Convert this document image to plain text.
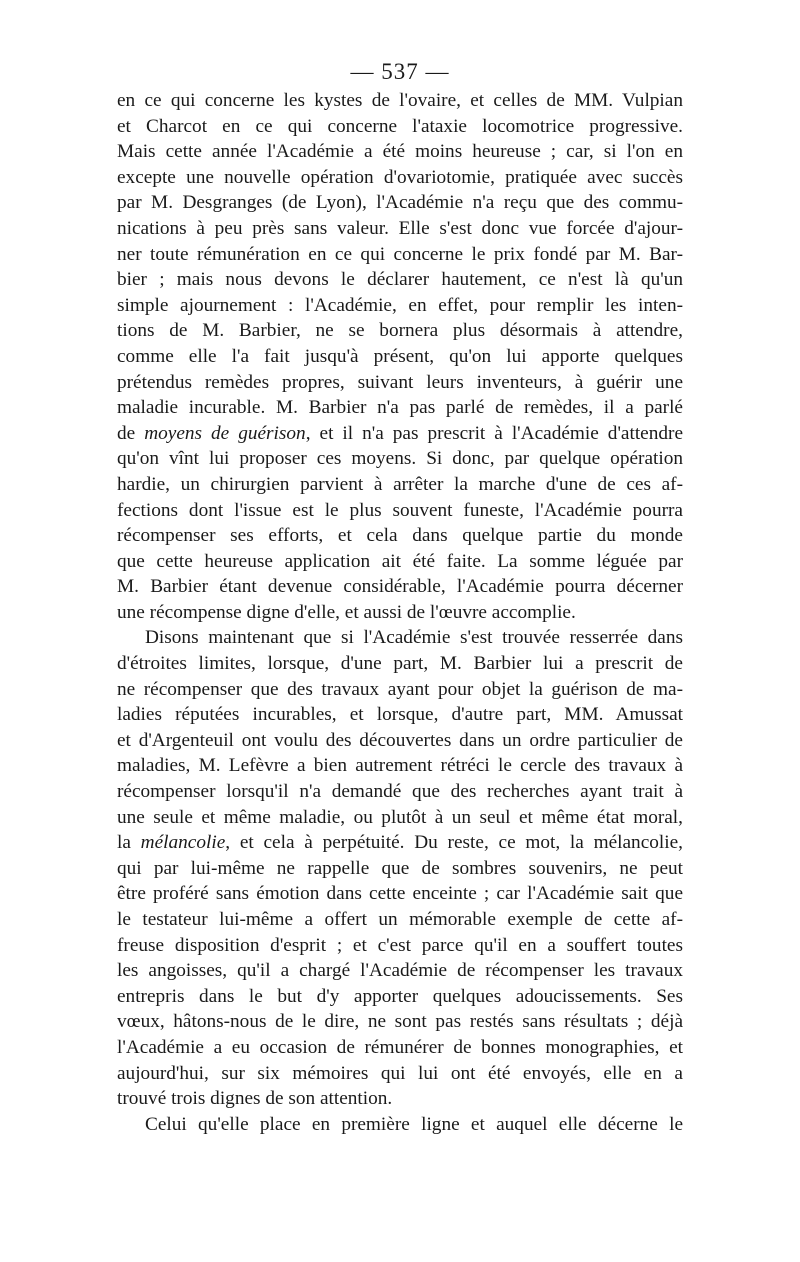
— 537 —
en ce qui concerne les kystes de l'ovaire, et celles de MM. Vulpian
et Charcot en ce qui concerne l'ataxie locomotrice progressive.
Mais cette année l'Académie a été moins heureuse ; car, si l'on en
excepte une nouvelle opération d'ovariotomie, pratiquée avec succès
par M. Desgranges (de Lyon), l'Académie n'a reçu que des commu-
nications à peu près sans valeur. Elle s'est donc vue forcée d'ajour-
ner toute rémunération en ce qui concerne le prix fondé par M. Bar-
bier ; mais nous devons le déclarer hautement, ce n'est là qu'un
simple ajournement : l'Académie, en effet, pour remplir les inten-
tions de M. Barbier, ne se bornera plus désormais à attendre,
comme elle l'a fait jusqu'à présent, qu'on lui apporte quelques
prétendus remèdes propres, suivant leurs inventeurs, à guérir une
maladie incurable. M. Barbier n'a pas parlé de remèdes, il a parlé
de moyens de guérison, et il n'a pas prescrit à l'Académie d'attendre
qu'on vînt lui proposer ces moyens. Si donc, par quelque opération
hardie, un chirurgien parvient à arrêter la marche d'une de ces af-
fections dont l'issue est le plus souvent funeste, l'Académie pourra
récompenser ses efforts, et cela dans quelque partie du monde
que cette heureuse application ait été faite. La somme léguée par
M. Barbier étant devenue considérable, l'Académie pourra décerner
une récompense digne d'elle, et aussi de l'œuvre accomplie.
Disons maintenant que si l'Académie s'est trouvée resserrée dans
d'étroites limites, lorsque, d'une part, M. Barbier lui a prescrit de
ne récompenser que des travaux ayant pour objet la guérison de ma-
ladies réputées incurables, et lorsque, d'autre part, MM. Amussat
et d'Argenteuil ont voulu des découvertes dans un ordre particulier de
maladies, M. Lefèvre a bien autrement rétréci le cercle des travaux à
récompenser lorsqu'il n'a demandé que des recherches ayant trait à
une seule et même maladie, ou plutôt à un seul et même état moral,
la mélancolie, et cela à perpétuité. Du reste, ce mot, la mélancolie,
qui par lui-même ne rappelle que de sombres souvenirs, ne peut
être proféré sans émotion dans cette enceinte ; car l'Académie sait que
le testateur lui-même a offert un mémorable exemple de cette af-
freuse disposition d'esprit ; et c'est parce qu'il en a souffert toutes
les angoisses, qu'il a chargé l'Académie de récompenser les travaux
entrepris dans le but d'y apporter quelques adoucissements. Ses
vœux, hâtons-nous de le dire, ne sont pas restés sans résultats ; déjà
l'Académie a eu occasion de rémunérer de bonnes monographies, et
aujourd'hui, sur six mémoires qui lui ont été envoyés, elle en a
trouvé trois dignes de son attention.
Celui qu'elle place en première ligne et auquel elle décerne le
